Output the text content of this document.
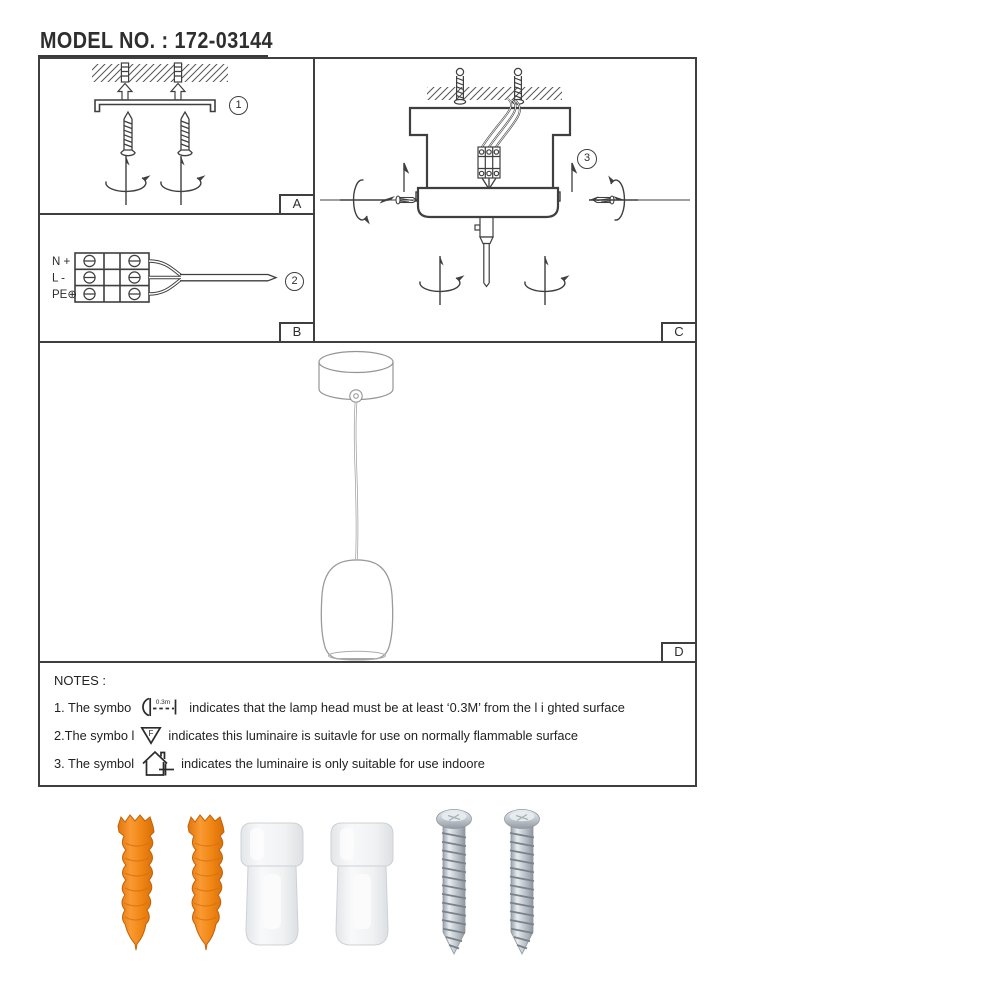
MODEL NO. : 172-03144
1
A
N +
L -
PE⊕
2
B
3
C
D
NOTES :
1. The symbo	0.3m indicates that the lamp head must be at least ‘0.3M’ from the l i ghted surface
2.The symbo l F indicates this luminaire is suitavle for use on normally flammable surface
3. The symbol	indicates the luminaire is only suitable for use indoore
